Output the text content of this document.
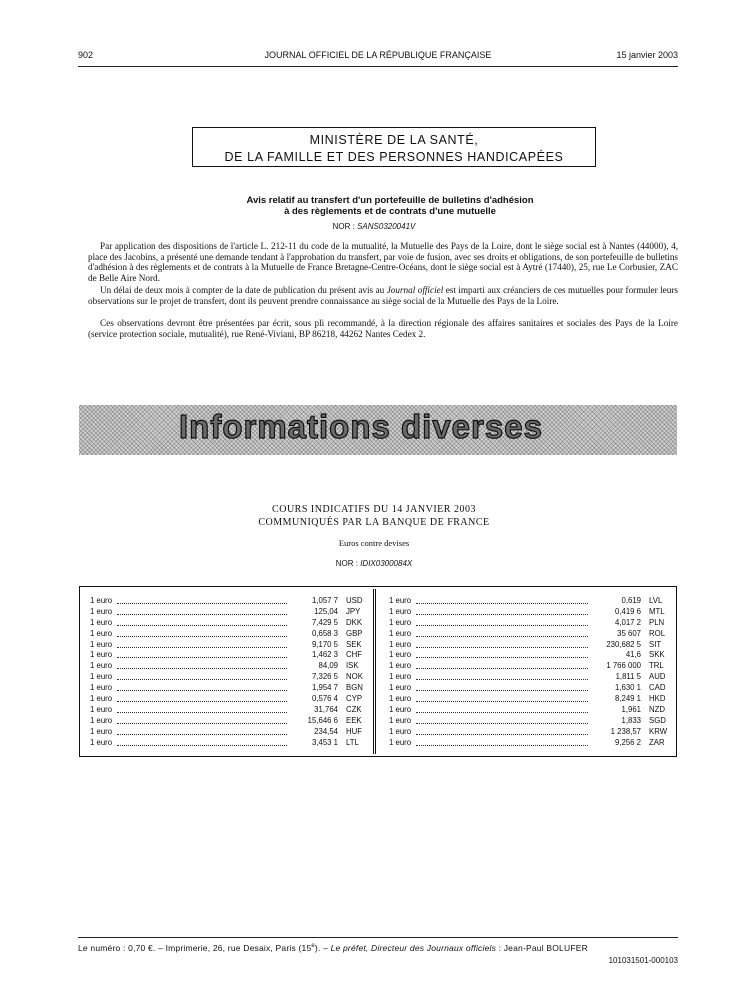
902	JOURNAL OFFICIEL DE LA RÉPUBLIQUE FRANÇAISE	15 janvier 2003
MINISTÈRE DE LA SANTÉ,
DE LA FAMILLE ET DES PERSONNES HANDICAPÉES
Avis relatif au transfert d'un portefeuille de bulletins d'adhésion
à des règlements et de contrats d'une mutuelle
NOR : SANS0320041V

Par application des dispositions de l'article L. 212-11 du code de la mutualité, la Mutuelle des Pays de la Loire, dont le siège social est à Nantes (44000), 4, place des Jacobins, a présenté une demande tendant à l'approbation du transfert, par voie de fusion, avec ses droits et obligations, de son portefeuille de bulletins d'adhésion à des règlements et de contrats à la Mutuelle de France Bretagne-Centre-Océans, dont le siège social est à Aytré (17440), 25, rue Le Corbusier, ZAC de Belle Aire Nord.

Un délai de deux mois à compter de la date de publication du présent avis au Journal officiel est imparti aux créanciers de ces mutuelles pour formuler leurs observations sur le projet de transfert, dont ils peuvent prendre connaissance au siège social de la Mutuelle des Pays de la Loire.

Ces observations devront être présentées par écrit, sous pli recommandé, à la direction régionale des affaires sanitaires et sociales des Pays de la Loire (service protection sociale, mutualité), rue René-Viviani, BP 86218, 44262 Nantes Cedex 2.

Informations diverses
COURS INDICATIFS DU 14 JANVIER 2003
COMMUNIQUÉS PAR LA BANQUE DE FRANCE
Euros contre devises
NOR : IDIX0300084X
1 euro	1,057 7 USD
1 euro	125,04 JPY
1 euro	7,429 5 DKK
1 euro	0,658 3 GBP
1 euro	9,170 5 SEK
1 euro	1,462 3 CHF
1 euro	84,09 ISK
1 euro	7,326 5 NOK
1 euro	1,954 7 BGN
1 euro	0,576 4 CYP
1 euro	31,764 CZK
1 euro	15,646 6 EEK
1 euro	234,54 HUF
1 euro	3,453 1 LTL
1 euro	0,619 LVL
1 euro	0,419 6 MTL
1 euro	4,017 2 PLN
1 euro	35 607 ROL
1 euro	230,682 5 SIT
1 euro	41,6 SKK
1 euro	1 766 000 TRL
1 euro	1,811 5 AUD
1 euro	1,630 1 CAD
1 euro	8,249 1 HKD
1 euro	1,961 NZD
1 euro	1,833 SGD
1 euro	1 238,57 KRW
1 euro	9,256 2 ZAR
Le numéro : 0,70 €. – Imprimerie, 26, rue Desaix, Paris (15e). – Le préfet, Directeur des Journaux officiels : Jean-Paul BOLUFER
101031501-000103
